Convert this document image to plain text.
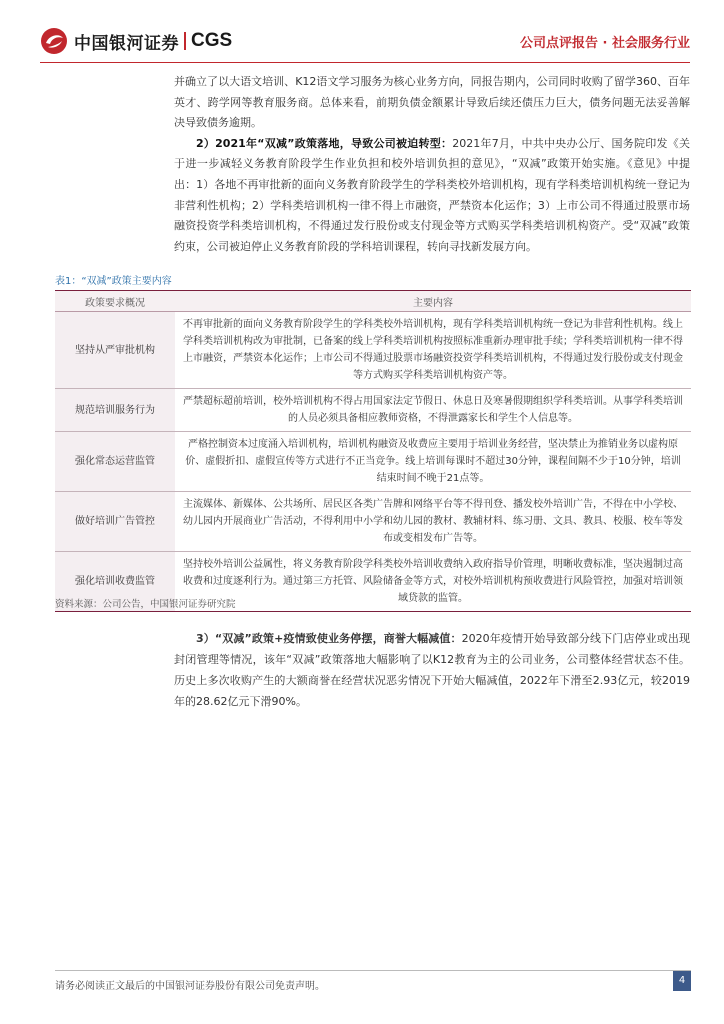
中国银河证券 CGS	公司点评报告 · 社会服务行业

并确立了以大语文培训、K12语文学习服务为核心业务方向，同报告期内，公司同时收购了留学360、百年英才、跨学网等教育服务商。总体来看，前期负债金额累计导致后续还债压力巨大，债务问题无法妥善解决导致债务逾期。

2）2021年“双减”政策落地，导致公司被迫转型：2021年7月，中共中央办公厅、国务院印发《关于进一步减轻义务教育阶段学生作业负担和校外培训负担的意见》，“双减”政策开始实施。《意见》中提出：1）各地不再审批新的面向义务教育阶段学生的学科类校外培训机构，现有学科类培训机构统一登记为非营利性机构；2）学科类培训机构一律不得上市融资，严禁资本化运作；3）上市公司不得通过股票市场融资投资学科类培训机构，不得通过发行股份或支付现金等方式购买学科类培训机构资产。受“双减”政策约束，公司被迫停止义务教育阶段的学科培训课程，转向寻找新发展方向。

表1：“双减”政策主要内容
政策要求概况	主要内容
坚持从严审批机构	不再审批新的面向义务教育阶段学生的学科类校外培训机构，现有学科类培训机构统一登记为非营利性机构。线上学科类培训机构改为审批制，已备案的线上学科类培训机构按照标准重新办理审批手续；学科类培训机构一律不得上市融资，严禁资本化运作；上市公司不得通过股票市场融资投资学科类培训机构，不得通过发行股份或支付现金等方式购买学科类培训机构资产等。
规范培训服务行为	严禁超标超前培训，校外培训机构不得占用国家法定节假日、休息日及寒暑假期组织学科类培训。从事学科类培训的人员必须具备相应教师资格，不得泄露家长和学生个人信息等。
强化常态运营监管	严格控制资本过度涌入培训机构，培训机构融资及收费应主要用于培训业务经营，坚决禁止为推销业务以虚构原价、虚假折扣、虚假宣传等方式进行不正当竞争。线上培训每课时不超过30分钟，课程间隔不少于10分钟，培训结束时间不晚于21点等。
做好培训广告管控	主流媒体、新媒体、公共场所、居民区各类广告牌和网络平台等不得刊登、播发校外培训广告，不得在中小学校、幼儿园内开展商业广告活动，不得利用中小学和幼儿园的教材、教辅材料、练习册、文具、教具、校服、校车等发布或变相发布广告等。
强化培训收费监管	坚持校外培训公益属性，将义务教育阶段学科类校外培训收费纳入政府指导价管理，明晰收费标准，坚决遏制过高收费和过度逐利行为。通过第三方托管、风险储备金等方式，对校外培训机构预收费进行风险管控，加强对培训领域贷款的监管。
资料来源：公司公告，中国银河证券研究院

3）“双减”政策+疫情致使业务停摆，商誉大幅减值：2020年疫情开始导致部分线下门店停业或出现封闭管理等情况，该年“双减”政策落地大幅影响了以K12教育为主的公司业务，公司整体经营状态不佳。历史上多次收购产生的大额商誉在经营状况恶劣情况下开始大幅减值，2022年下滑至2.93亿元，较2019年的28.62亿元下滑90%。

请务必阅读正文最后的中国银河证券股份有限公司免责声明。
4
